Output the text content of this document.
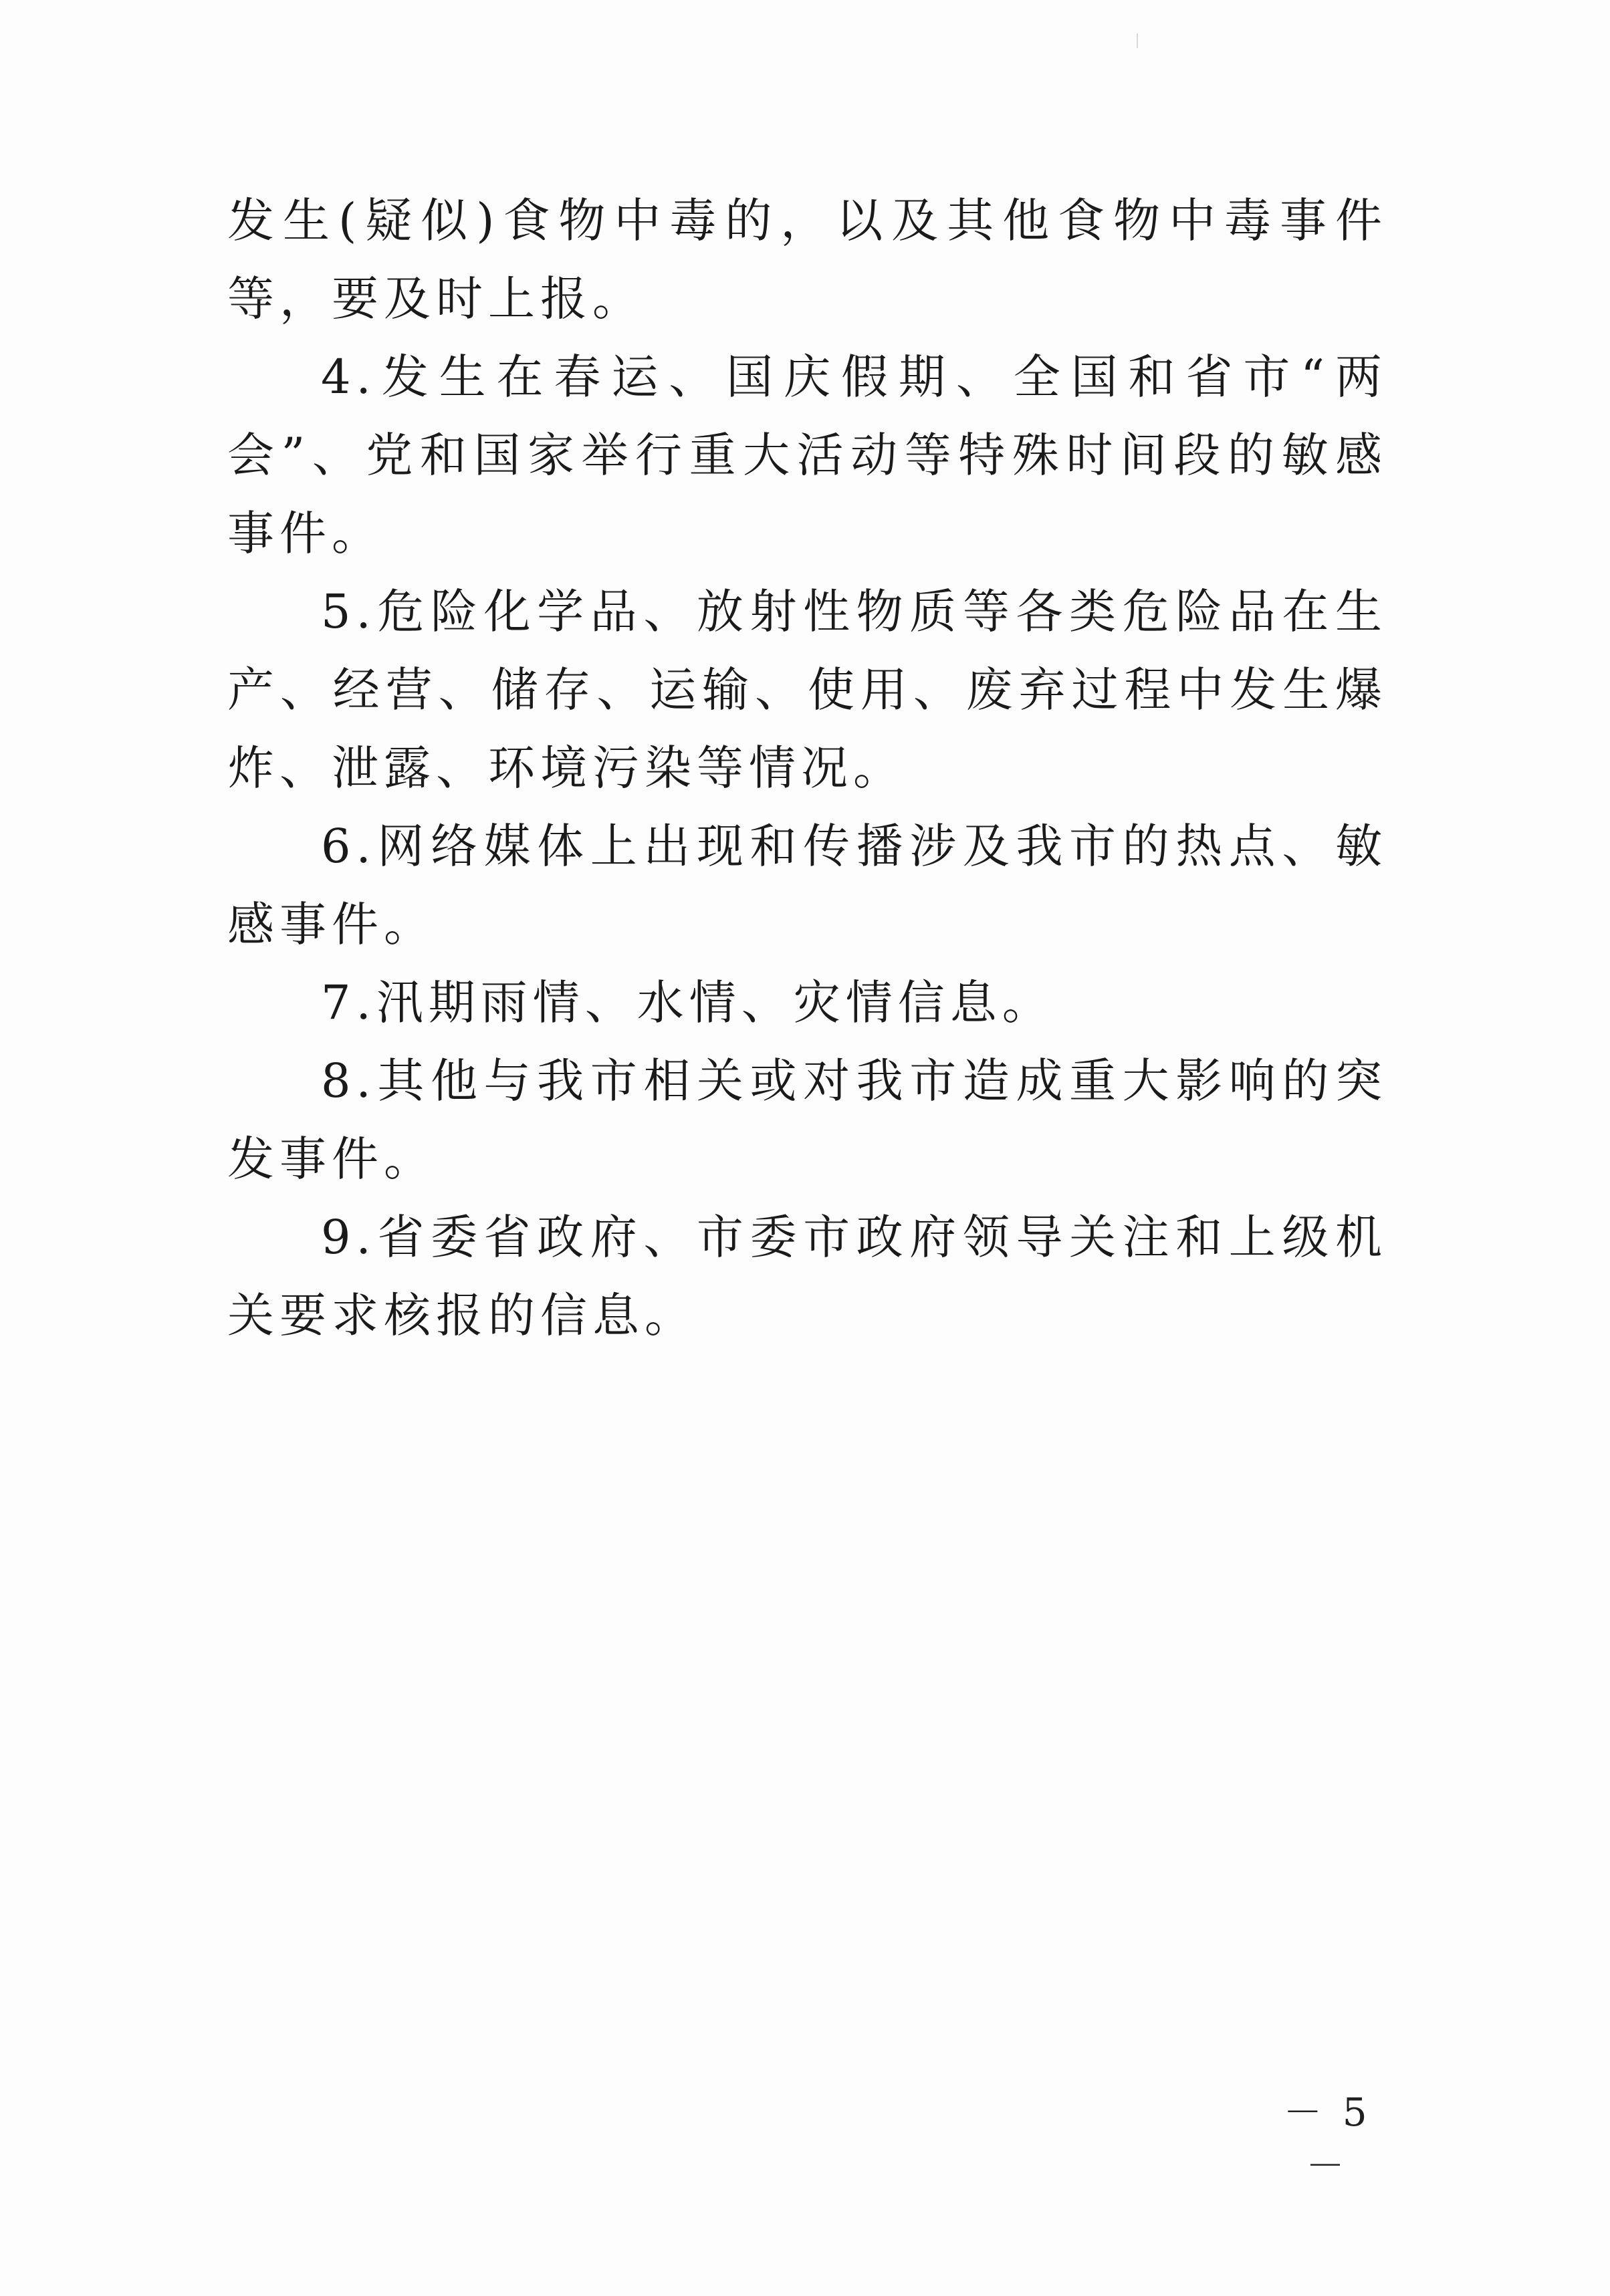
发生(疑似)食物中毒的，以及其他食物中毒事件等，要及时上报。

4.发生在春运、国庆假期、全国和省市“两会”、党和国家举行重大活动等特殊时间段的敏感事件。

5.危险化学品、放射性物质等各类危险品在生产、经营、储存、运输、使用、废弃过程中发生爆炸、泄露、环境污染等情况。

6.网络媒体上出现和传播涉及我市的热点、敏感事件。

7.汛期雨情、水情、灾情信息。

8.其他与我市相关或对我市造成重大影响的突发事件。

9.省委省政府、市委市政府领导关注和上级机关要求核报的信息。

－ 5 －
